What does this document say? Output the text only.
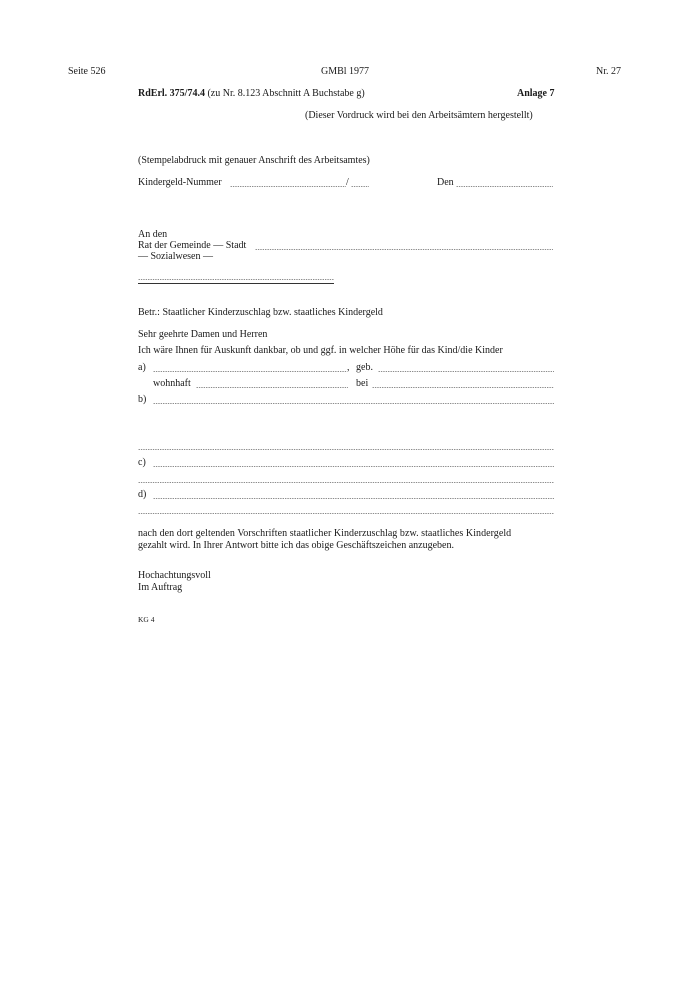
Seite 526	GMBl 1977	Nr. 27
RdErl. 375/74.4 (zu Nr. 8.123 Abschnitt A Buchstabe g)	Anlage 7
(Dieser Vordruck wird bei den Arbeitsämtern hergestellt)
(Stempelabdruck mit genauer Anschrift des Arbeitsamtes)
Kindergeld-Nummer	/	Den
An den
Rat der Gemeinde — Stadt
— Sozialwesen —
Betr.: Staatlicher Kinderzuschlag bzw. staatliches Kindergeld
Sehr geehrte Damen und Herren
Ich wäre Ihnen für Auskunft dankbar, ob und ggf. in welcher Höhe für das Kind/die Kinder
a)	, geb.
wohnhaft	bei
b)
c)
d)
nach den dort geltenden Vorschriften staatlicher Kinderzuschlag bzw. staatliches Kindergeld
gezahlt wird. In Ihrer Antwort bitte ich das obige Geschäftszeichen anzugeben.
Hochachtungsvoll
Im Auftrag
KG 4
